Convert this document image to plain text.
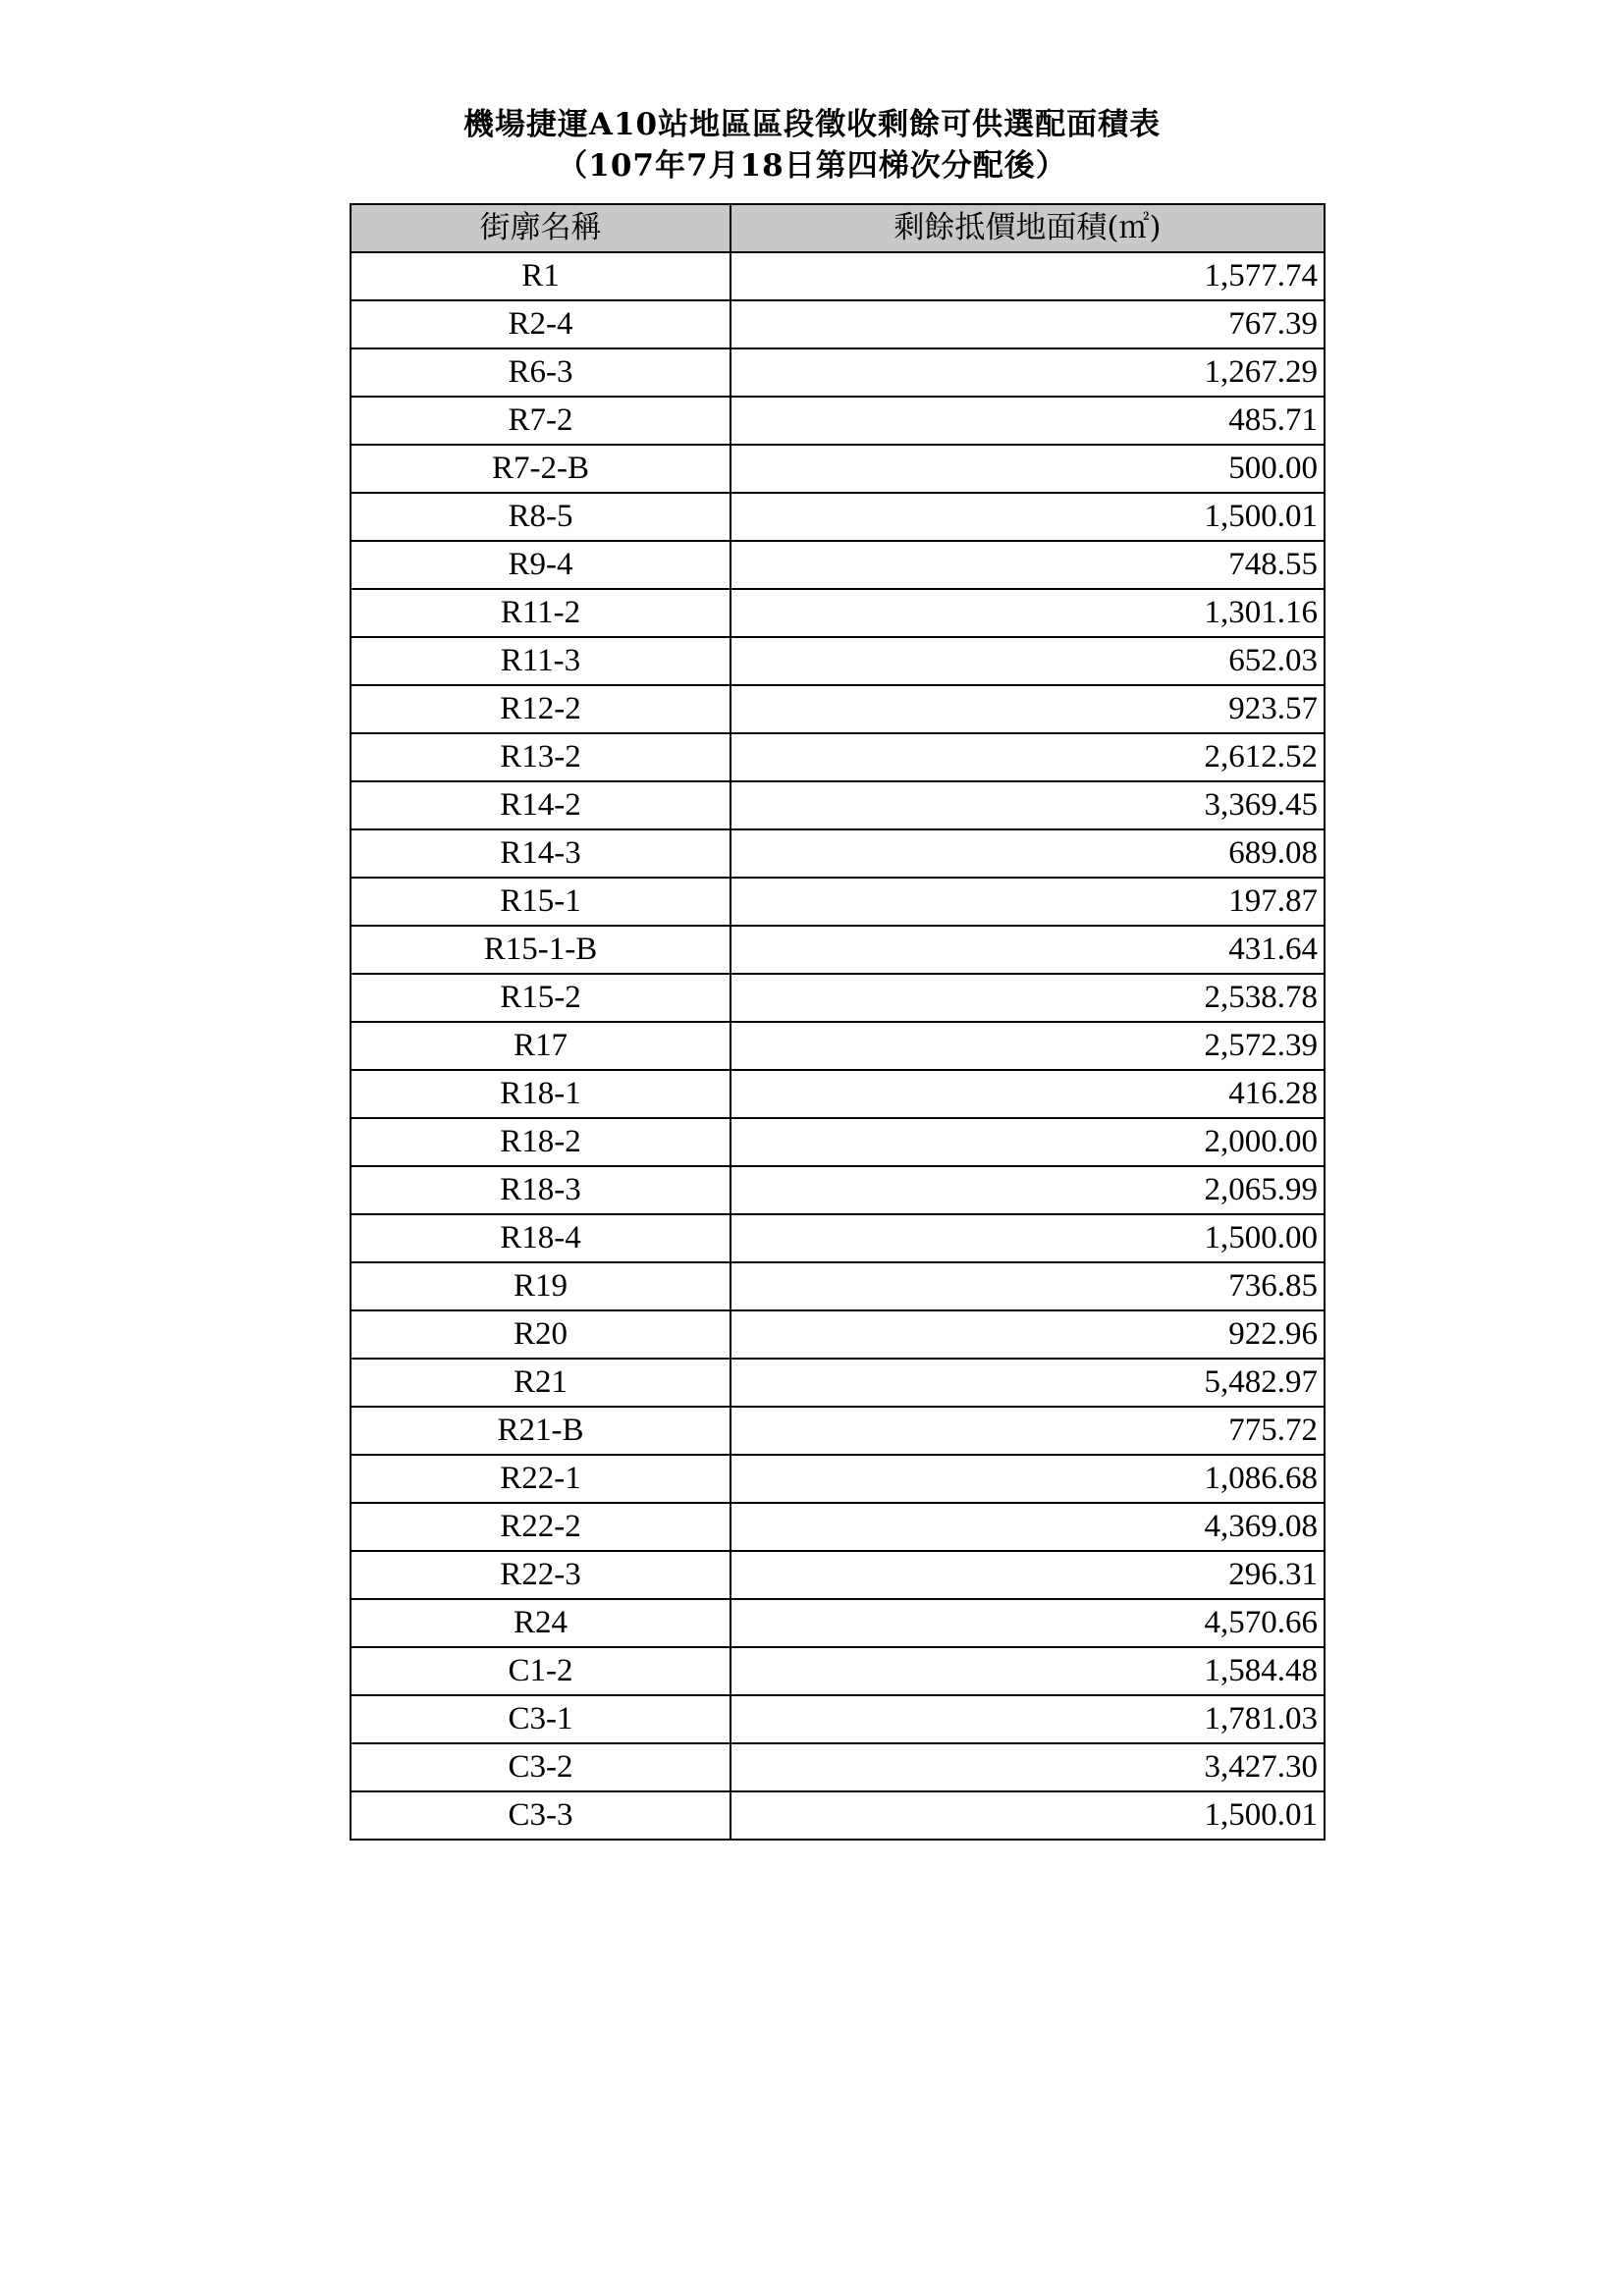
機場捷運A10站地區區段徵收剩餘可供選配面積表
（107年7月18日第四梯次分配後）
街廓名稱	剩餘抵價地面積(㎡)
R1	1,577.74
R2-4	767.39
R6-3	1,267.29
R7-2	485.71
R7-2-B	500.00
R8-5	1,500.01
R9-4	748.55
R11-2	1,301.16
R11-3	652.03
R12-2	923.57
R13-2	2,612.52
R14-2	3,369.45
R14-3	689.08
R15-1	197.87
R15-1-B	431.64
R15-2	2,538.78
R17	2,572.39
R18-1	416.28
R18-2	2,000.00
R18-3	2,065.99
R18-4	1,500.00
R19	736.85
R20	922.96
R21	5,482.97
R21-B	775.72
R22-1	1,086.68
R22-2	4,369.08
R22-3	296.31
R24	4,570.66
C1-2	1,584.48
C3-1	1,781.03
C3-2	3,427.30
C3-3	1,500.01
